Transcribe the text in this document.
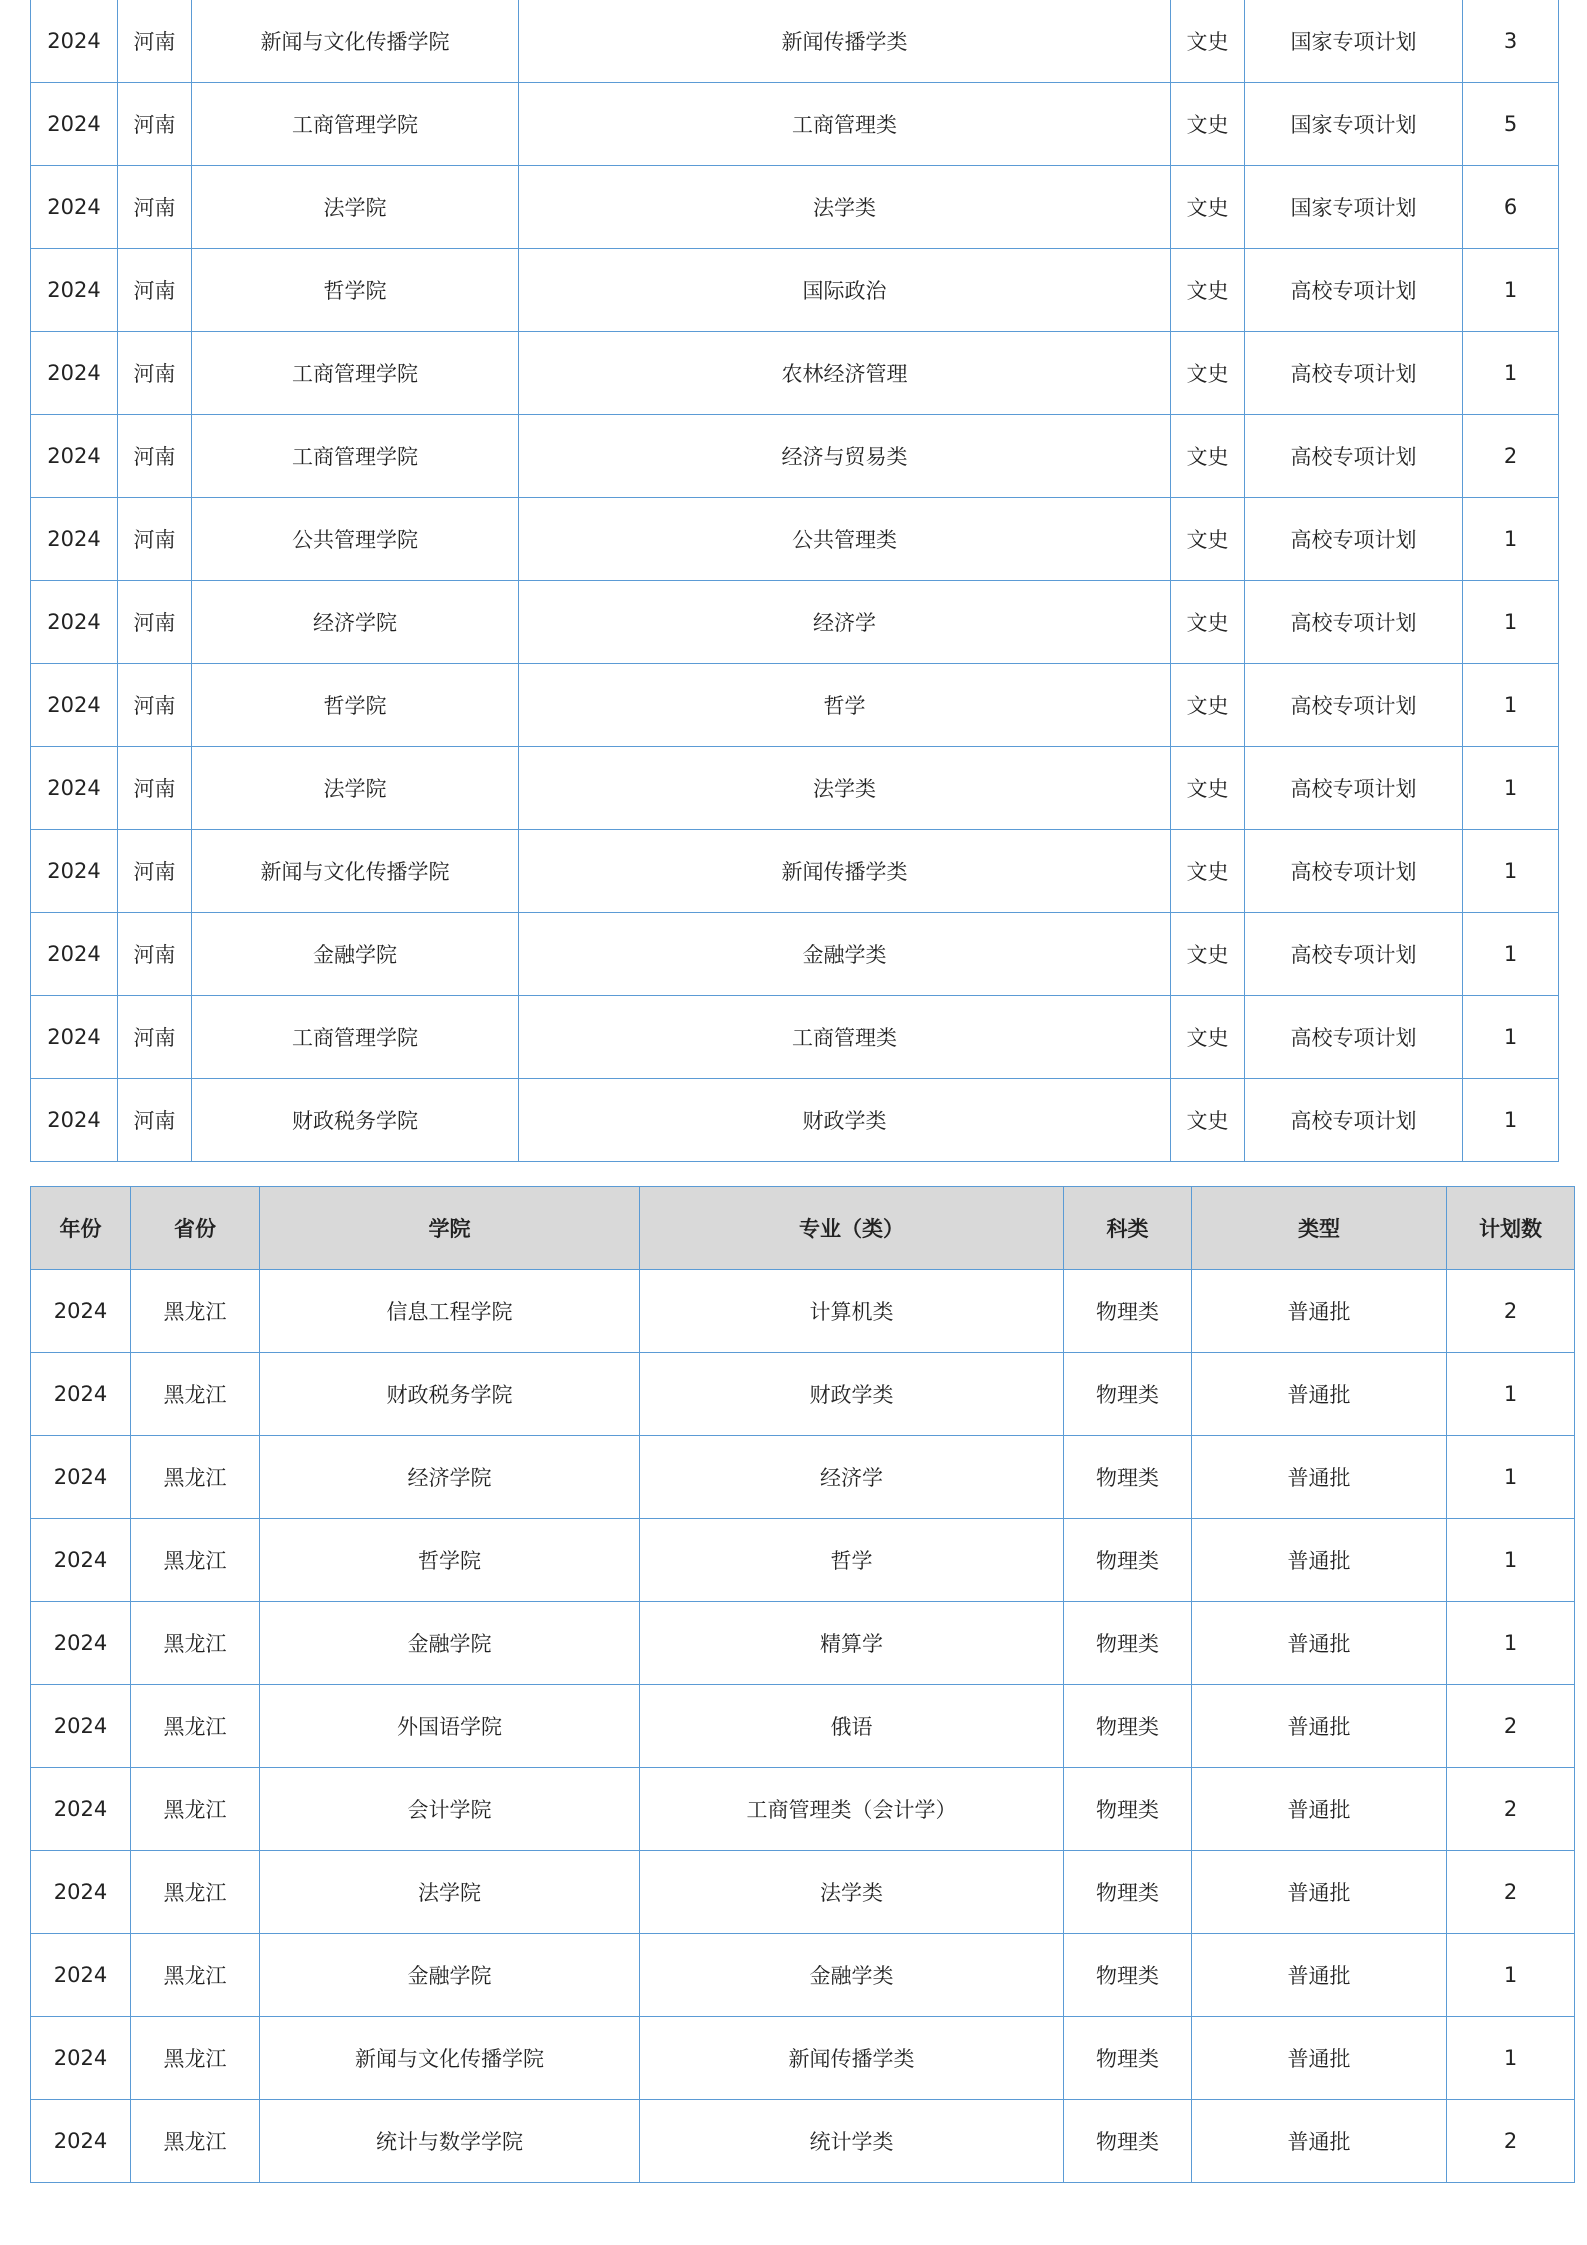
2024	河南	新闻与文化传播学院	新闻传播学类	文史	国家专项计划	3
2024	河南	工商管理学院	工商管理类	文史	国家专项计划	5
2024	河南	法学院	法学类	文史	国家专项计划	6
2024	河南	哲学院	国际政治	文史	高校专项计划	1
2024	河南	工商管理学院	农林经济管理	文史	高校专项计划	1
2024	河南	工商管理学院	经济与贸易类	文史	高校专项计划	2
2024	河南	公共管理学院	公共管理类	文史	高校专项计划	1
2024	河南	经济学院	经济学	文史	高校专项计划	1
2024	河南	哲学院	哲学	文史	高校专项计划	1
2024	河南	法学院	法学类	文史	高校专项计划	1
2024	河南	新闻与文化传播学院	新闻传播学类	文史	高校专项计划	1
2024	河南	金融学院	金融学类	文史	高校专项计划	1
2024	河南	工商管理学院	工商管理类	文史	高校专项计划	1
2024	河南	财政税务学院	财政学类	文史	高校专项计划	1
年份	省份	学院	专业（类）	科类	类型	计划数
2024	黑龙江	信息工程学院	计算机类	物理类	普通批	2
2024	黑龙江	财政税务学院	财政学类	物理类	普通批	1
2024	黑龙江	经济学院	经济学	物理类	普通批	1
2024	黑龙江	哲学院	哲学	物理类	普通批	1
2024	黑龙江	金融学院	精算学	物理类	普通批	1
2024	黑龙江	外国语学院	俄语	物理类	普通批	2
2024	黑龙江	会计学院	工商管理类（会计学）	物理类	普通批	2
2024	黑龙江	法学院	法学类	物理类	普通批	2
2024	黑龙江	金融学院	金融学类	物理类	普通批	1
2024	黑龙江	新闻与文化传播学院	新闻传播学类	物理类	普通批	1
2024	黑龙江	统计与数学学院	统计学类	物理类	普通批	2
